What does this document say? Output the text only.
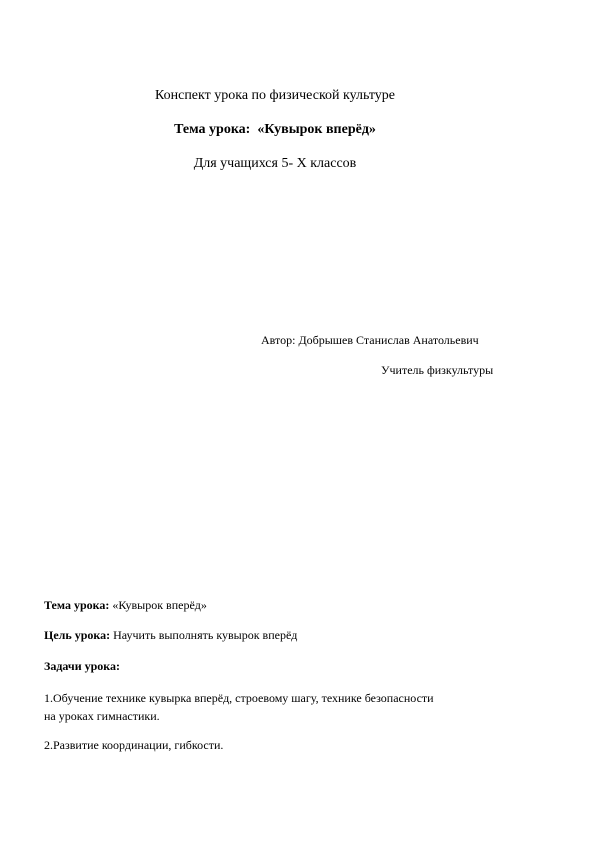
Конспект урока по физической культуре
Тема урока: «Кувырок вперёд»
Для учащихся 5- Х классов
Автор: Добрышев Станислав Анатольевич
Учитель физкультуры
Тема урока: «Кувырок вперёд»
Цель урока: Научить выполнять кувырок вперёд
Задачи урока:
1.Обучение технике кувырка вперёд, строевому шагу, технике безопасности
на уроках гимнастики.
2.Развитие координации, гибкости.
